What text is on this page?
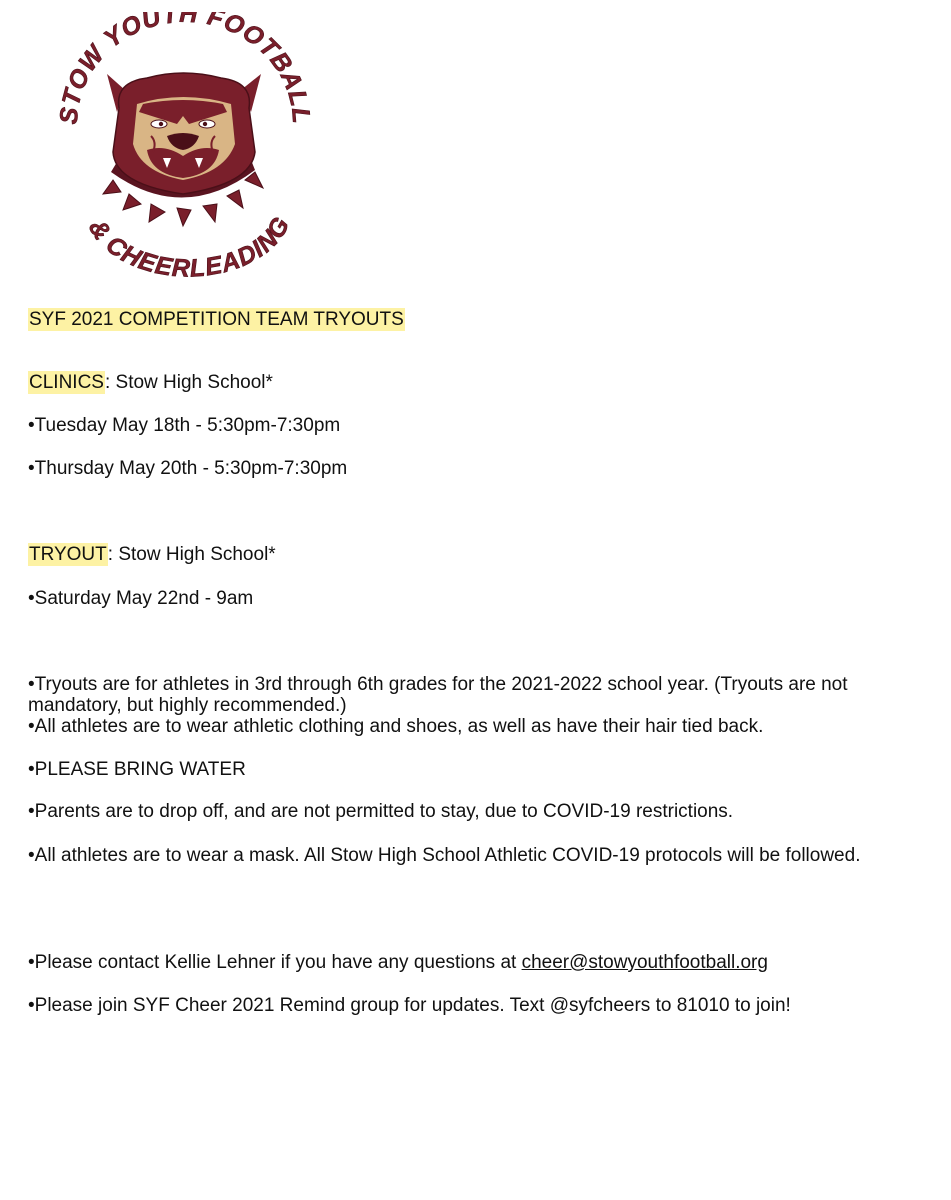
STOW YOUTH FOOTBALL
& CHEERLEADING

SYF 2021 COMPETITION TEAM TRYOUTS

CLINICS: Stow High School*

•Tuesday May 18th - 5:30pm-7:30pm

•Thursday May 20th - 5:30pm-7:30pm

TRYOUT: Stow High School*

•Saturday May 22nd - 9am

•Tryouts are for athletes in 3rd through 6th grades for the 2021-2022 school year. (Tryouts are not mandatory, but highly recommended.)

•All athletes are to wear athletic clothing and shoes, as well as have their hair tied back.

•PLEASE BRING WATER

•Parents are to drop off, and are not permitted to stay, due to COVID-19 restrictions.

•All athletes are to wear a mask. All Stow High School Athletic COVID-19 protocols will be followed.

•Please contact Kellie Lehner if you have any questions at cheer@stowyouthfootball.org

•Please join SYF Cheer 2021 Remind group for updates. Text @syfcheers to 81010 to join!
